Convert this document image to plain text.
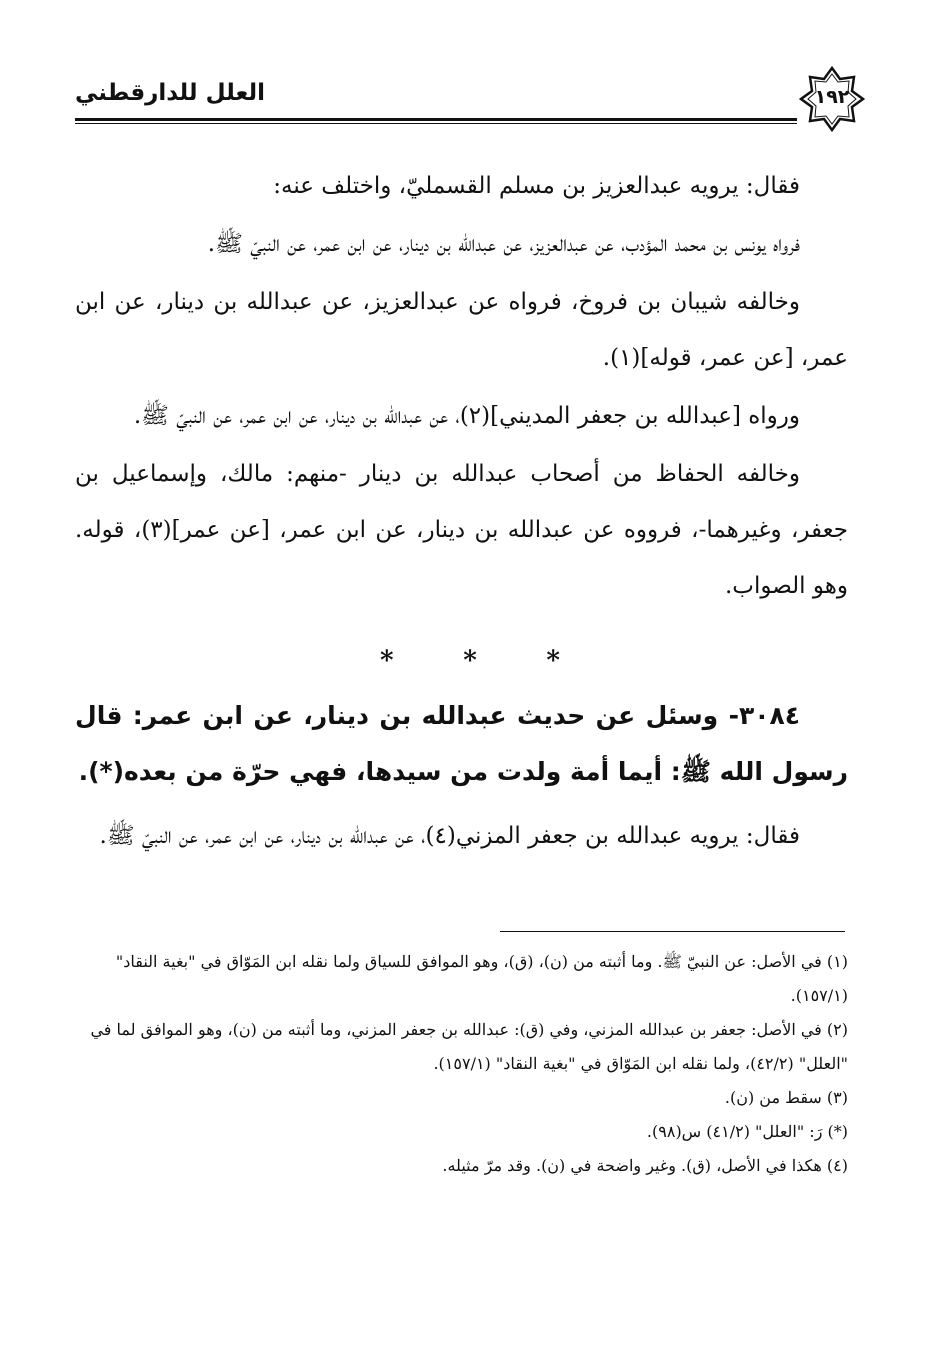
العلل للدارقطني	١٩٢

فقال: يرويه عبدالعزيز بن مسلم القسمليّ، واختلف عنه:

فرواه يونس بن محمد المؤدب، عن عبدالعزيز، عن عبدالله بن دينار، عن ابن عمر، عن النبيّ ﷺ.

وخالفه شيبان بن فروخ، فرواه عن عبدالعزيز، عن عبدالله بن دينار، عن ابن عمر، [عن عمر، قوله](١).

ورواه [عبدالله بن جعفر المديني](٢)، عن عبدالله بن دينار، عن ابن عمر، عن النبيّ ﷺ.

وخالفه الحفاظ من أصحاب عبدالله بن دينار -منهم: مالك، وإسماعيل بن جعفر، وغيرهما-، فرووه عن عبدالله بن دينار، عن ابن عمر، [عن عمر](٣)، قوله. وهو الصواب.

*	*	*

٣٠٨٤- وسئل عن حديث عبدالله بن دينار، عن ابن عمر: قال رسول الله ﷺ: أيما أمة ولدت من سيدها، فهي حرّة من بعده(*).

فقال: يرويه عبدالله بن جعفر المزني(٤)، عن عبدالله بن دينار، عن ابن عمر، عن النبيّ ﷺ.

(١) في الأصل: عن النبيّ ﷺ. وما أثبته من (ن)، (ق)، وهو الموافق للسياق ولما نقله ابن المَوّاق في "بغية النقاد" (١٥٧/١).

(٢) في الأصل: جعفر بن عبدالله المزني، وفي (ق): عبدالله بن جعفر المزني، وما أثبته من (ن)، وهو الموافق لما في "العلل" (٤٢/٢)، ولما نقله ابن المَوّاق في "بغية النقاد" (١٥٧/١).

(٣) سقط من (ن).

(*) رَ: "العلل" (٤١/٢) س(٩٨).

(٤) هكذا في الأصل، (ق). وغير واضحة في (ن). وقد مرّ مثيله.
